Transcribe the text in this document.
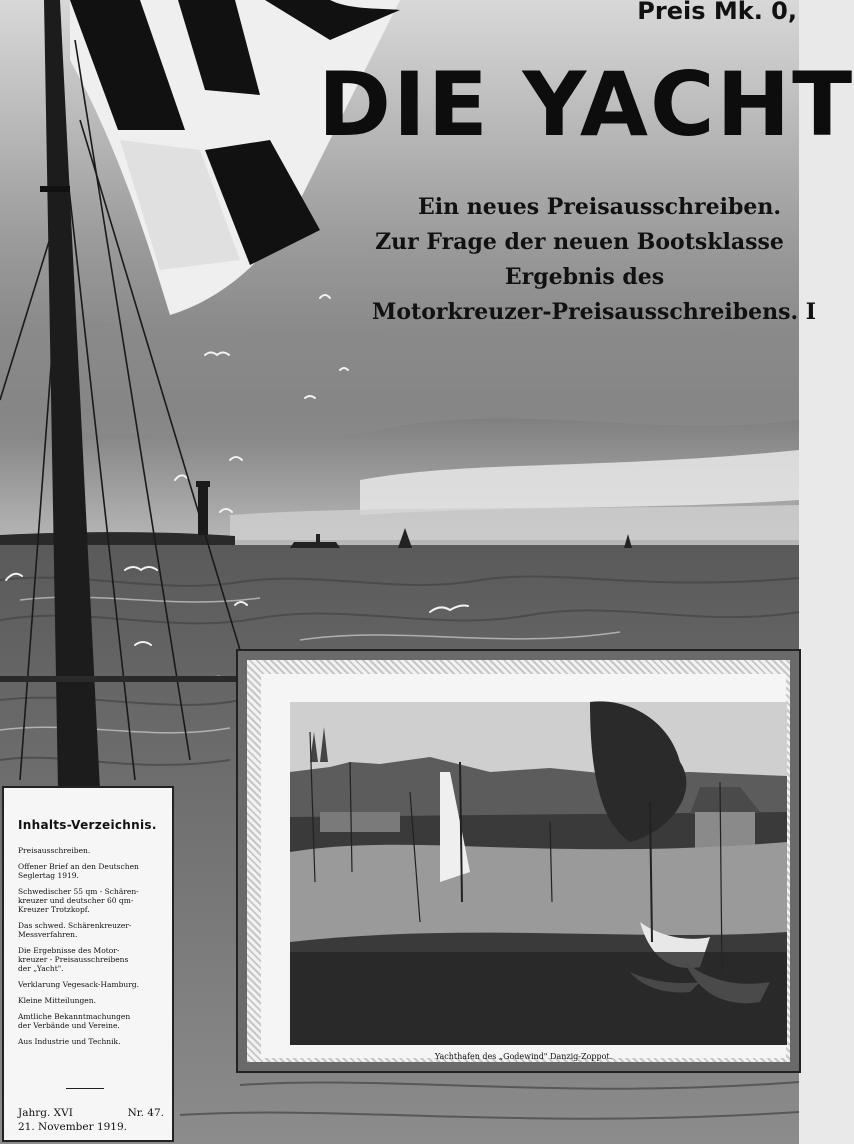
Preis Mk. 0,
DIE YACHT
Ein neues Preisausschreiben.
Zur Frage der neuen Bootsklasse
Ergebnis des
Motorkreuzer-Preisausschreibens. I
Yachthafen des „Godewind" Danzig-Zoppot.
Inhalts-Verzeichnis.
Preisausschreiben.
Offener Brief an den Deutschen
Seglertag 1919.
Schwedischer 55 qm - Schären-
kreuzer und deutscher 60 qm-
Kreuzer Trotzkopf.
Das schwed. Schärenkreuzer-
Messverfahren.
Die Ergebnisse des Motor-
kreuzer - Preisausschreibens
der „Yacht".
Verklarung Vegesack-Hamburg.
Kleine Mitteilungen.
Amtliche Bekanntmachungen
der Verbände und Vereine.
Aus Industrie und Technik.
Jahrg. XVI	Nr. 47.
21. November 1919.
